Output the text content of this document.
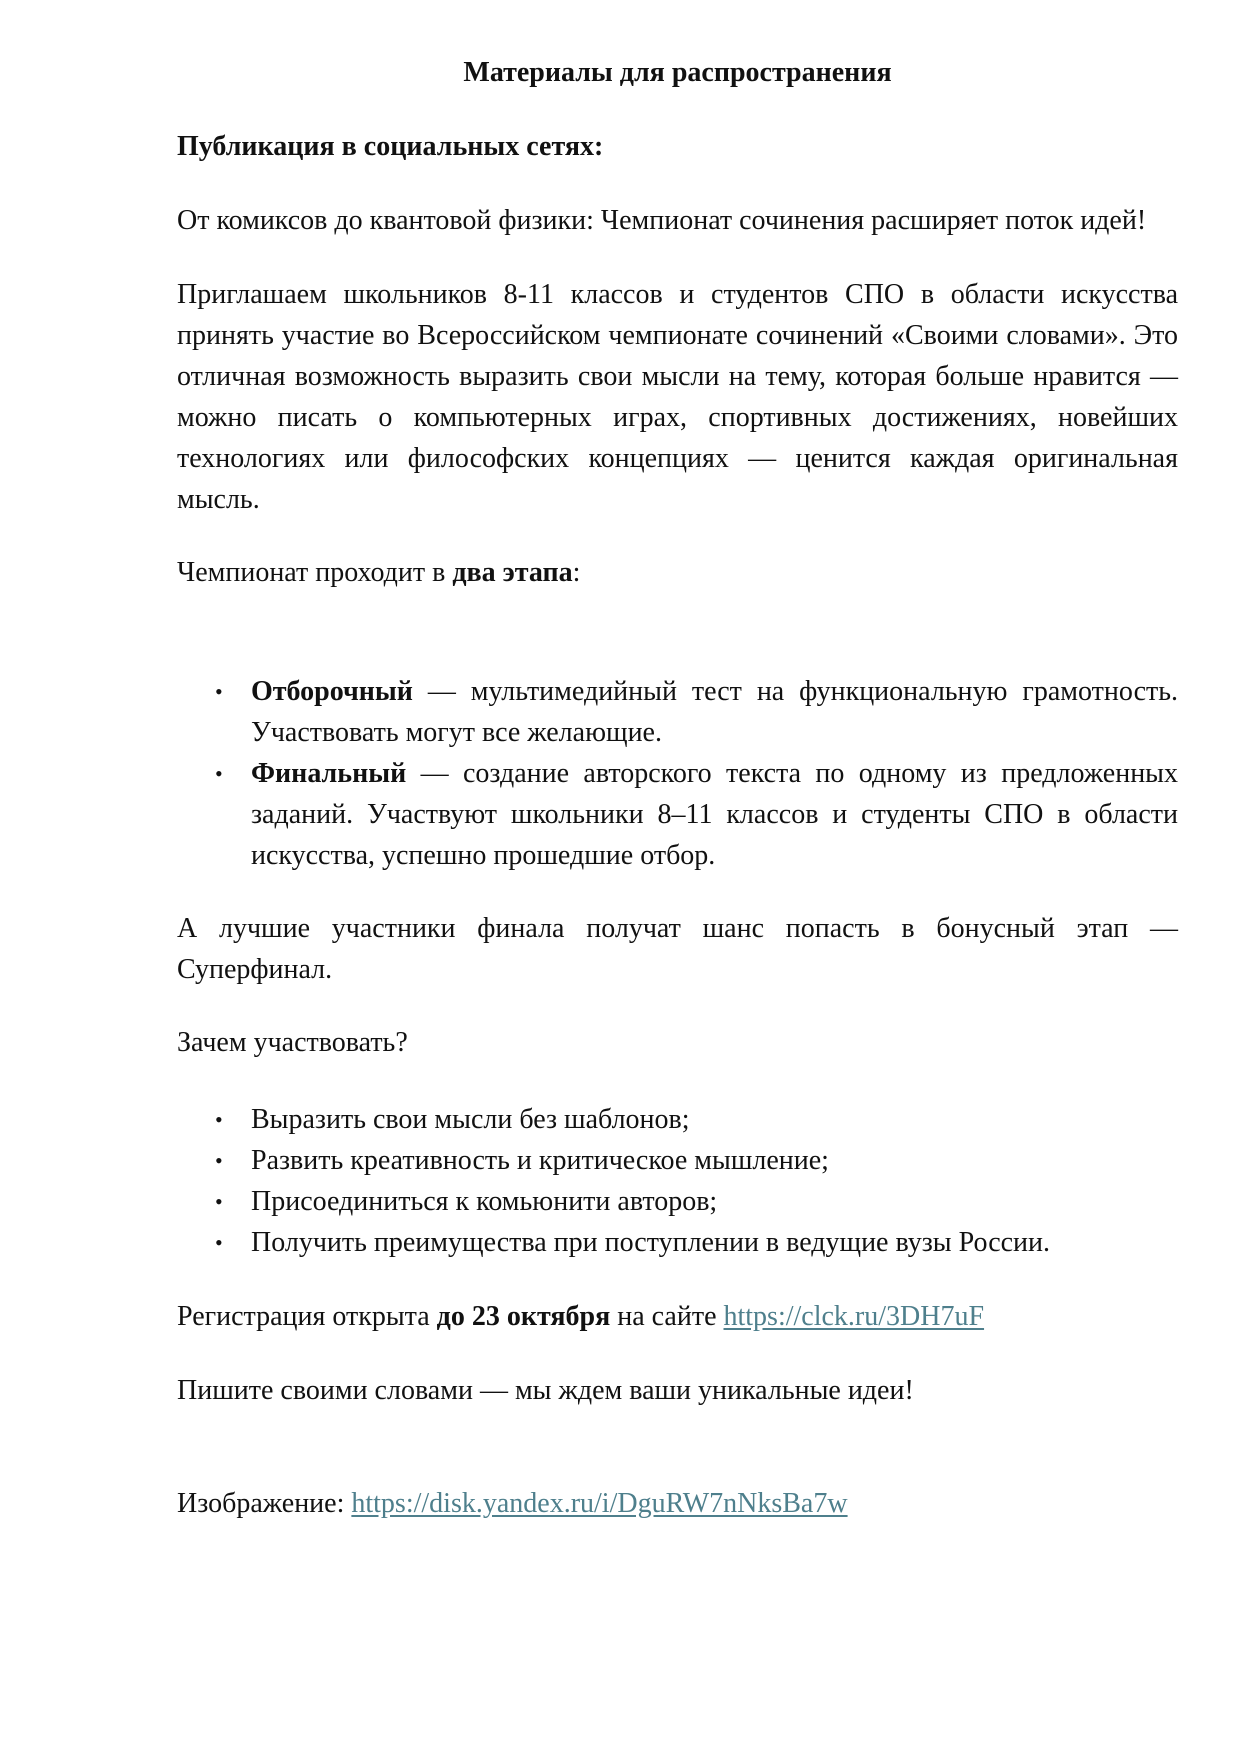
Материалы для распространения

Публикация в социальных сетях:

От комиксов до квантовой физики: Чемпионат сочинения расширяет поток идей!

Приглашаем школьников 8-11 классов и студентов СПО в области искусства принять участие во Всероссийском чемпионате сочинений «Своими словами». Это отличная возможность выразить свои мысли на тему, которая больше нравится — можно писать о компьютерных играх, спортивных достижениях, новейших технологиях или философских концепциях — ценится каждая оригинальная мысль.

Чемпионат проходит в два этапа:

• Отборочный — мультимедийный тест на функциональную грамотность. Участвовать могут все желающие.
• Финальный — создание авторского текста по одному из предложенных заданий. Участвуют школьники 8–11 классов и студенты СПО в области искусства, успешно прошедшие отбор.

А лучшие участники финала получат шанс попасть в бонусный этап — Суперфинал.

Зачем участвовать?

• Выразить свои мысли без шаблонов;
• Развить креативность и критическое мышление;
• Присоединиться к комьюнити авторов;
• Получить преимущества при поступлении в ведущие вузы России.

Регистрация открыта до 23 октября на сайте https://clck.ru/3DH7uF

Пишите своими словами — мы ждем ваши уникальные идеи!

Изображение: https://disk.yandex.ru/i/DguRW7nNksBa7w
